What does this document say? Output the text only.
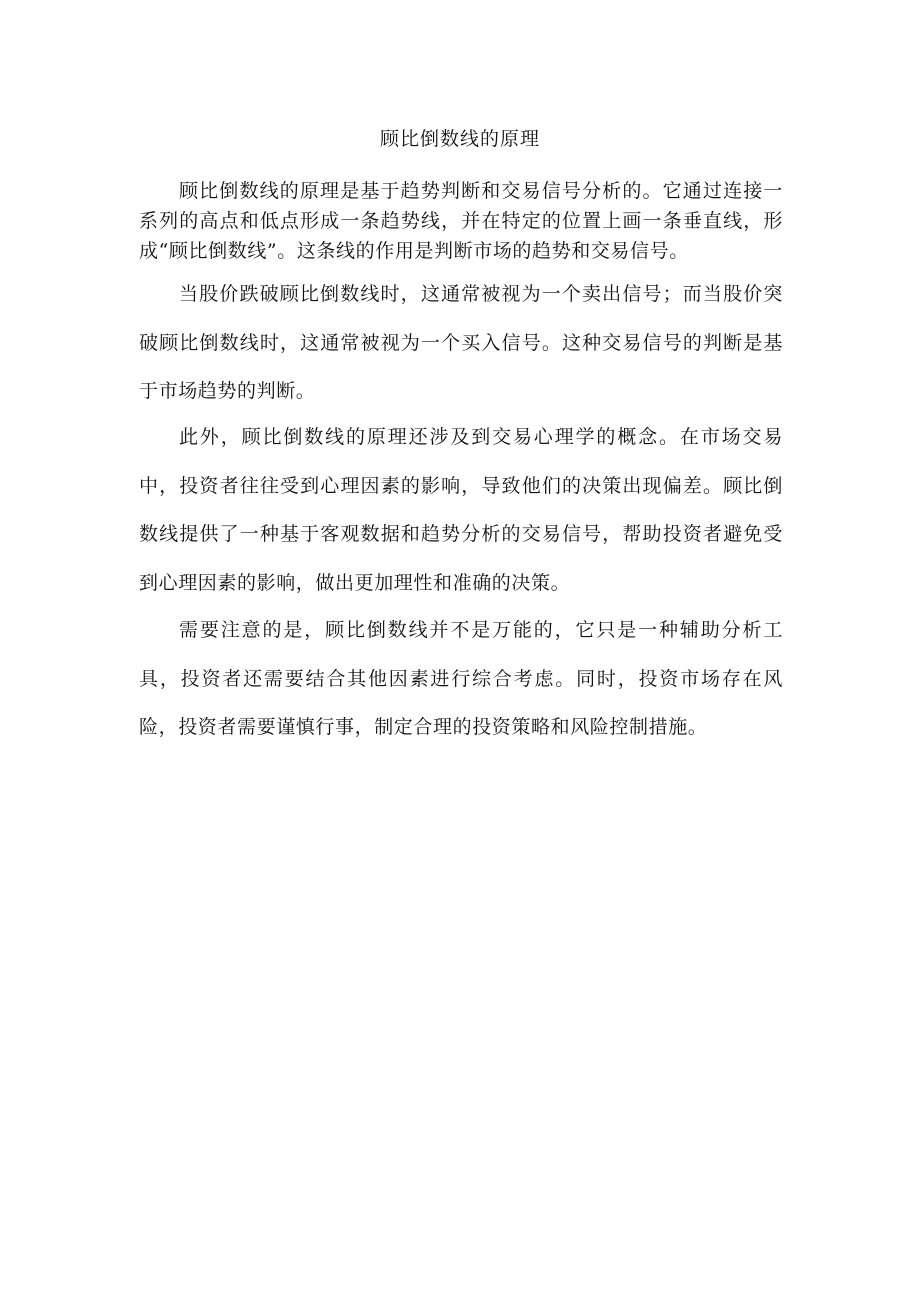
顾比倒数线的原理

顾比倒数线的原理是基于趋势判断和交易信号分析的。它通过连接一系列的高点和低点形成一条趋势线，并在特定的位置上画一条垂直线，形成“顾比倒数线”。这条线的作用是判断市场的趋势和交易信号。

当股价跌破顾比倒数线时，这通常被视为一个卖出信号；而当股价突破顾比倒数线时，这通常被视为一个买入信号。这种交易信号的判断是基于市场趋势的判断。

此外，顾比倒数线的原理还涉及到交易心理学的概念。在市场交易中，投资者往往受到心理因素的影响，导致他们的决策出现偏差。顾比倒数线提供了一种基于客观数据和趋势分析的交易信号，帮助投资者避免受到心理因素的影响，做出更加理性和准确的决策。

需要注意的是，顾比倒数线并不是万能的，它只是一种辅助分析工具，投资者还需要结合其他因素进行综合考虑。同时，投资市场存在风险，投资者需要谨慎行事，制定合理的投资策略和风险控制措施。
